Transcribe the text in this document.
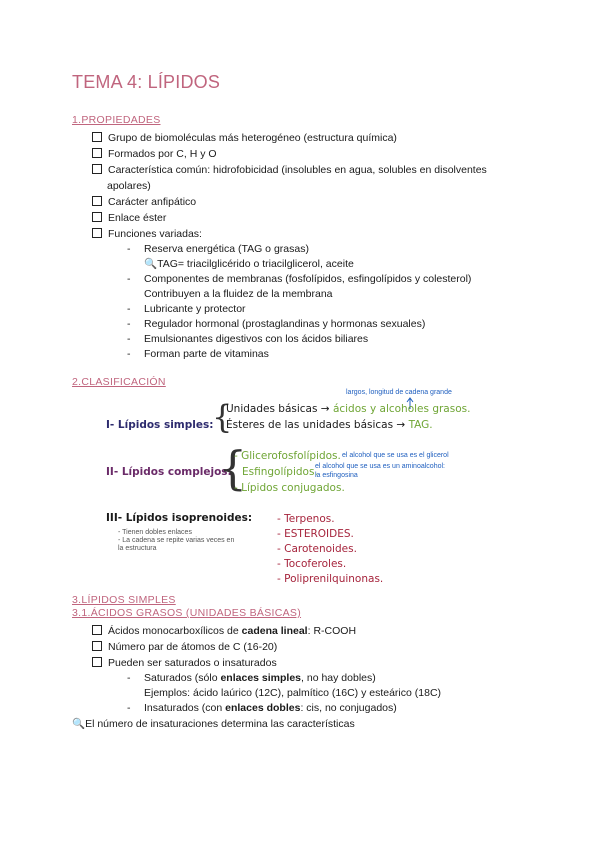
TEMA 4: LÍPIDOS
1.PROPIEDADES
Grupo de biomoléculas más heterogéneo (estructura química)
Formados por C, H y O
Característica común: hidrofobicidad (insolubles en agua, solubles en disolventes
apolares)
Carácter anfipático
Enlace éster
Funciones variadas:
- Reserva energética (TAG o grasas)
🔍TAG= triacilglicérido o triacilglicerol, aceite
- Componentes de membranas (fosfolípidos, esfingolípidos y colesterol)
Contribuyen a la fluidez de la membrana
- Lubricante y protector
- Regulador hormonal (prostaglandinas y hormonas sexuales)
- Emulsionantes digestivos con los ácidos biliares
- Forman parte de vitaminas
2.CLASIFICACIÓN
largos, longitud de cadena grande
I- Lípidos simples:
{
Unidades básicas → ácidos y alcoholes grasos.
Ésteres de las unidades básicas → TAG.
II- Lípidos complejos:
{
- Glicerofosfolípidos. el alcohol que se usa es el glicerol
Esfingolípidos.
el alcohol que se usa es un aminoalcohol:
la esfingosina
- Lípidos conjugados.
III- Lípidos isoprenoides:
- Tienen dobles enlaces
- La cadena se repite varias veces en
la estructura
- Terpenos.
- ESTEROIDES.
- Carotenoides.
- Tocoferoles.
- Poliprenilquinonas.
3.LÍPIDOS SIMPLES
3.1.ÁCIDOS GRASOS (UNIDADES BÁSICAS)
Ácidos monocarboxílicos de cadena lineal: R-COOH
Número par de átomos de C (16-20)
Pueden ser saturados o insaturados
- Saturados (sólo enlaces simples, no hay dobles)
Ejemplos: ácido laúrico (12C), palmítico (16C) y esteárico (18C)
- Insaturados (con enlaces dobles: cis, no conjugados)
🔍El número de insaturaciones determina las características
